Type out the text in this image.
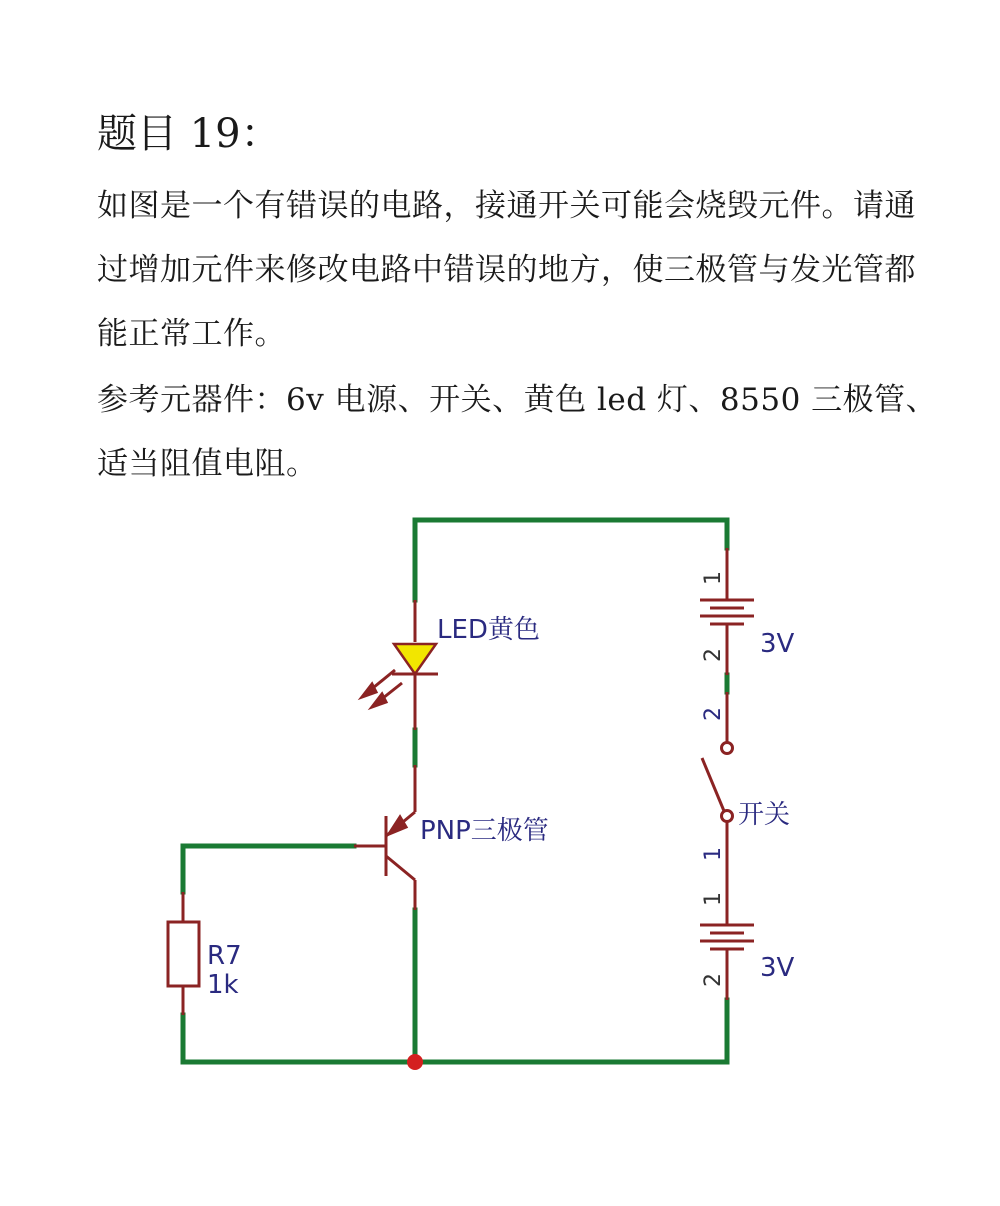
题目 19：
如图是一个有错误的电路，接通开关可能会烧毁元件。请通
过增加元件来修改电路中错误的地方，使三极管与发光管都
能正常工作。
参考元器件：6v 电源、开关、黄色 led 灯、8550 三极管、
适当阻值电阻。
LED黄色
PNP三极管
开关
3V
3V
R7
1k
1
2
2
1
1
2
